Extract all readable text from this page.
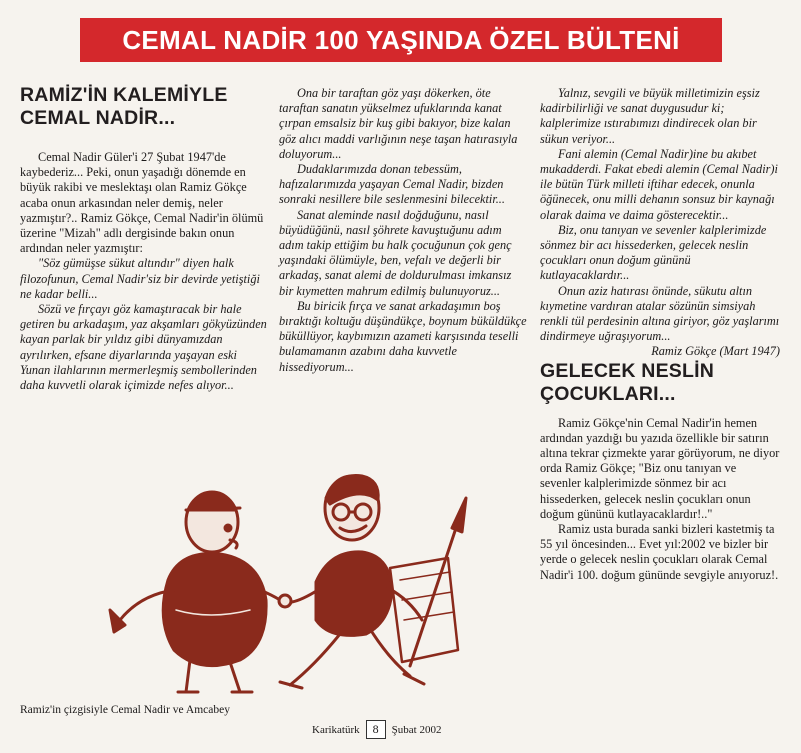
CEMAL NADİR 100 YAŞINDA ÖZEL BÜLTENİ
RAMİZ'İN KALEMİYLE
CEMAL NADİR...

Cemal Nadir Güler'i 27 Şubat 1947'de kaybederiz... Peki, onun yaşadığı dönemde en büyük rakibi ve meslektaşı olan Ramiz Gökçe acaba onun arkasından neler demiş, neler yazmıştır?.. Ramiz Gökçe, Cemal Nadir'in ölümü üzerine "Mizah" adlı dergisinde bakın onun ardından neler yazmıştır:

"Söz gümüşse sükut altındır" diyen halk filozofunun, Cemal Nadir'siz bir devirde yetiştiği ne kadar belli...

Sözü ve fırçayı göz kamaştıracak bir hale getiren bu arkadaşım, yaz akşamları gökyüzünden kayan parlak bir yıldız gibi dünyamızdan ayrılırken, efsane diyarlarında yaşayan eski Yunan ilahlarının mermerleşmiş sembollerinden daha kuvvetli olarak içimizde nefes alıyor...

Ona bir taraftan göz yaşı dökerken, öte taraftan sanatın yükselmez ufuklarında kanat çırpan emsalsiz bir kuş gibi bakıyor, bize kalan göz alıcı maddi varlığının neşe taşan hatırasıyla doluyorum...

Dudaklarımızda donan tebessüm, hafızalarımızda yaşayan Cemal Nadir, bizden sonraki nesillere bile seslenmesini bilecektir...

Sanat aleminde nasıl doğduğunu, nasıl büyüdüğünü, nasıl şöhrete kavuştuğunu adım adım takip ettiğim bu halk çocuğunun çok genç yaşındaki ölümüyle, ben, vefalı ve değerli bir arkadaş, sanat alemi de doldurulması imkansız bir kıymetten mahrum edilmiş bulunuyoruz...

Bu biricik fırça ve sanat arkadaşımın boş bıraktığı koltuğu düşündükçe, boynum büküldükçe büküllüyor, kaybımızın azameti karşısında teselli bulamamanın azabını daha kuvvetle hissediyorum...

Yalnız, sevgili ve büyük milletimizin eşsiz kadirbilirliği ve sanat duygusudur ki; kalplerimize ıstırabımızı dindirecek olan bir sükun veriyor...

Fani alemin (Cemal Nadir)ine bu akıbet mukadderdi. Fakat ebedi alemin (Cemal Nadir)i ile bütün Türk milleti iftihar edecek, onunla öğünecek, onu milli dehanın sonsuz bir kaynağı olarak daima ve daima gösterecektir...

Biz, onu tanıyan ve sevenler kalplerimizde sönmez bir acı hissederken, gelecek neslin çocukları onun doğum gününü kutlayacaklardır...

Onun aziz hatırası önünde, sükutu altın kıymetine vardıran atalar sözünün simsiyah renkli tül perdesinin altına giriyor, göz yaşlarımı dindirmeye uğraşıyorum...

Ramiz Gökçe (Mart 1947)

GELECEK NESLİN
ÇOCUKLARI...

Ramiz Gökçe'nin Cemal Nadir'in hemen ardından yazdığı bu yazıda özellikle bir satırın altına tekrar çizmekte yarar görüyorum, ne diyor orda Ramiz Gökçe; "Biz onu tanıyan ve sevenler kalplerimizde sönmez bir acı hissederken, gelecek neslin çocukları onun doğum gününü kutlayacaklardır!.."

Ramiz usta burada sanki bizleri kastetmiş ta 55 yıl öncesinden... Evet yıl:2002 ve bizler bir yerde o gelecek neslin çocukları olarak Cemal Nadir'i 100. doğum gününde sevgiyle anıyoruz!.

Ramiz'in çizgisiyle Cemal Nadir ve Amcabey
Karikatürk	8	Şubat 2002
